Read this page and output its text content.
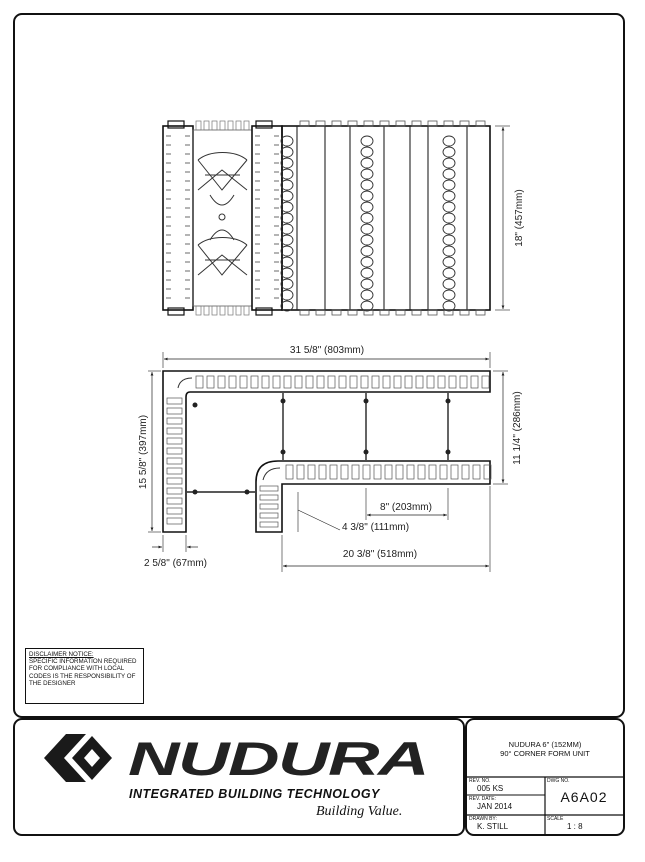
18" (457mm)
31 5/8" (803mm)
15 5/8" (397mm)	11 1/4" (286mm)
8" (203mm)
4 3/8" (111mm)
20 3/8" (518mm)
2 5/8" (67mm)
DISCLAIMER NOTICE:
SPECIFIC INFORMATION REQUIRED FOR COMPLIANCE WITH LOCAL CODES IS THE RESPONSIBILITY OF THE DESIGNER
NUDURA
INTEGRATED BUILDING TECHNOLOGY
Building Value.
NUDURA 6" (152MM)
90° CORNER FORM UNIT
REV. NO.
005 KS
REV. DATE:
JAN 2014
DRAWN BY:
K. STILL
DWG NO.
A6A02
SCALE
1 : 8
